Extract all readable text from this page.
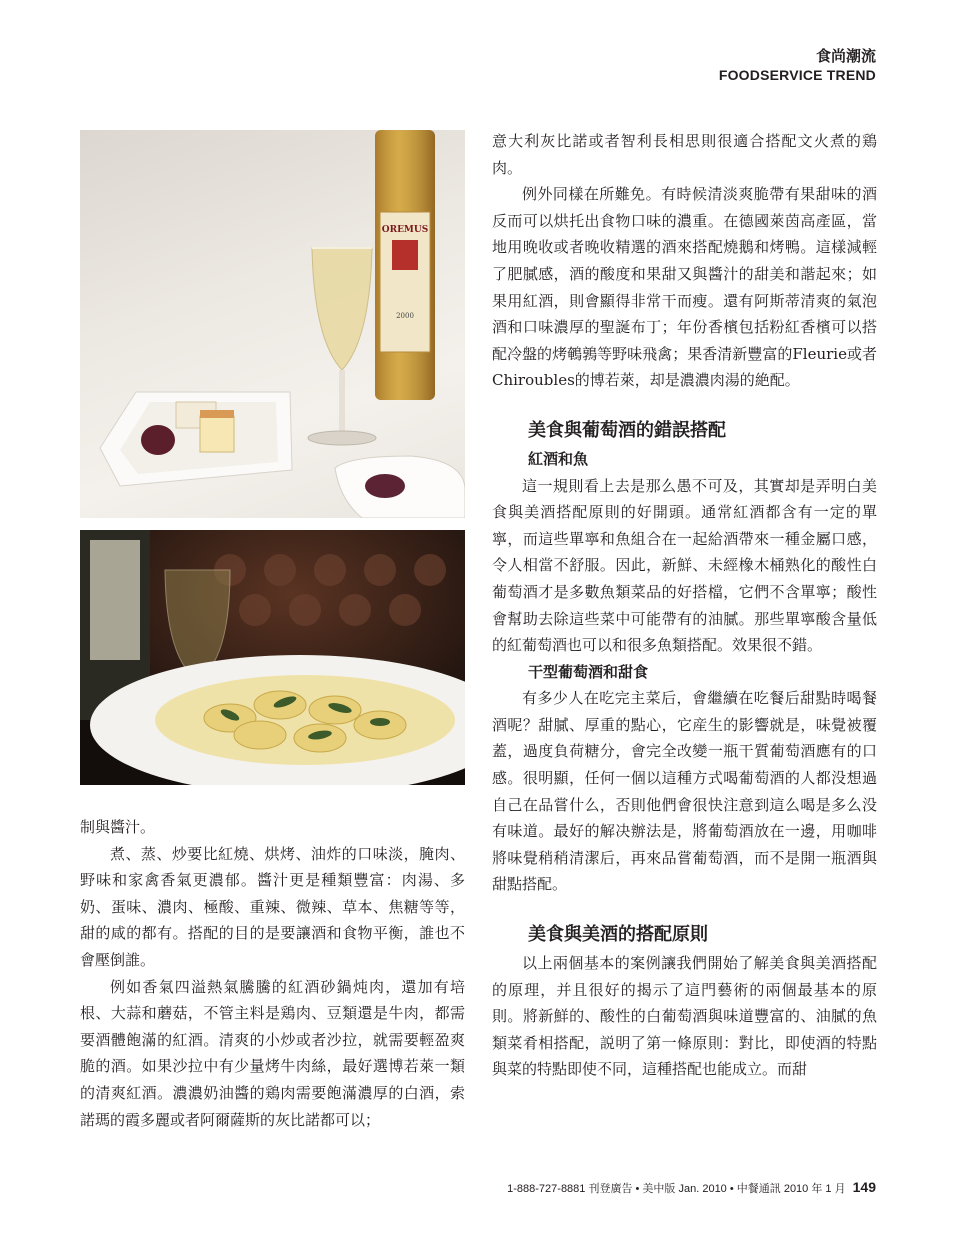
食尚潮流
FOODSERVICE TREND
OREMUS
2000

制與醬汁。

煮、蒸、炒要比紅燒、烘烤、油炸的口味淡，腌肉、野味和家禽香氣更濃郁。醬汁更是種類豐富：肉湯、多奶、蛋味、濃肉、極酸、重辣、微辣、草本、焦糖等等，甜的咸的都有。搭配的目的是要讓酒和食物平衡，誰也不會壓倒誰。

例如香氣四溢熱氣騰騰的紅酒砂鍋炖肉，還加有培根、大蒜和蘑菇，不管主料是鶏肉、豆類還是牛肉，都需要酒體飽滿的紅酒。清爽的小炒或者沙拉，就需要輕盈爽脆的酒。如果沙拉中有少量烤牛肉絲，最好選博若萊一類的清爽紅酒。濃濃奶油醬的鶏肉需要飽滿濃厚的白酒，索諾瑪的霞多麗或者阿爾薩斯的灰比諾都可以；

意大利灰比諾或者智利長相思則很適合搭配文火煮的鶏肉。

例外同樣在所難免。有時候清淡爽脆帶有果甜味的酒反而可以烘托出食物口味的濃重。在德國萊茵高產區，當地用晚收或者晚收精選的酒來搭配燒鵝和烤鴨。這樣減輕了肥膩感，酒的酸度和果甜又與醬汁的甜美和諧起來；如果用紅酒，則會顯得非常干而瘦。還有阿斯蒂清爽的氣泡酒和口味濃厚的聖誕布丁；年份香檳包括粉紅香檳可以搭配冷盤的烤鵪鶉等野味飛禽；果香清新豐富的Fleurie或者Chiroubles的博若萊，却是濃濃肉湯的絶配。

美食與葡萄酒的錯誤搭配
紅酒和魚

這一規則看上去是那么愚不可及，其實却是弄明白美食與美酒搭配原則的好開頭。通常紅酒都含有一定的單寧，而這些單寧和魚組合在一起給酒帶來一種金屬口感，令人相當不舒服。因此，新鮮、未經橡木桶熟化的酸性白葡萄酒才是多數魚類菜品的好搭檔，它們不含單寧；酸性會幫助去除這些菜中可能帶有的油膩。那些單寧酸含量低的紅葡萄酒也可以和很多魚類搭配。效果很不錯。

干型葡萄酒和甜食

有多少人在吃完主菜后，會繼續在吃餐后甜點時喝餐酒呢？甜膩、厚重的點心，它産生的影響就是，味覺被覆蓋，過度負荷糖分，會完全改變一瓶干質葡萄酒應有的口感。很明顯，任何一個以這種方式喝葡萄酒的人都没想過自己在品嘗什么，否則他們會很快注意到這么喝是多么没有味道。最好的解决辦法是，將葡萄酒放在一邊，用咖啡將味覺稍稍清潔后，再來品嘗葡萄酒，而不是開一瓶酒與甜點搭配。

美食與美酒的搭配原則

以上兩個基本的案例讓我們開始了解美食與美酒搭配的原理，并且很好的揭示了這門藝術的兩個最基本的原則。將新鮮的、酸性的白葡萄酒與味道豐富的、油膩的魚類菜肴相搭配，説明了第一條原則：對比，即使酒的特點與菜的特點即使不同，這種搭配也能成立。而甜

1-888-727-8881 刊登廣告 • 美中版 Jan. 2010 • 中餐通訊 2010 年 1 月 149
